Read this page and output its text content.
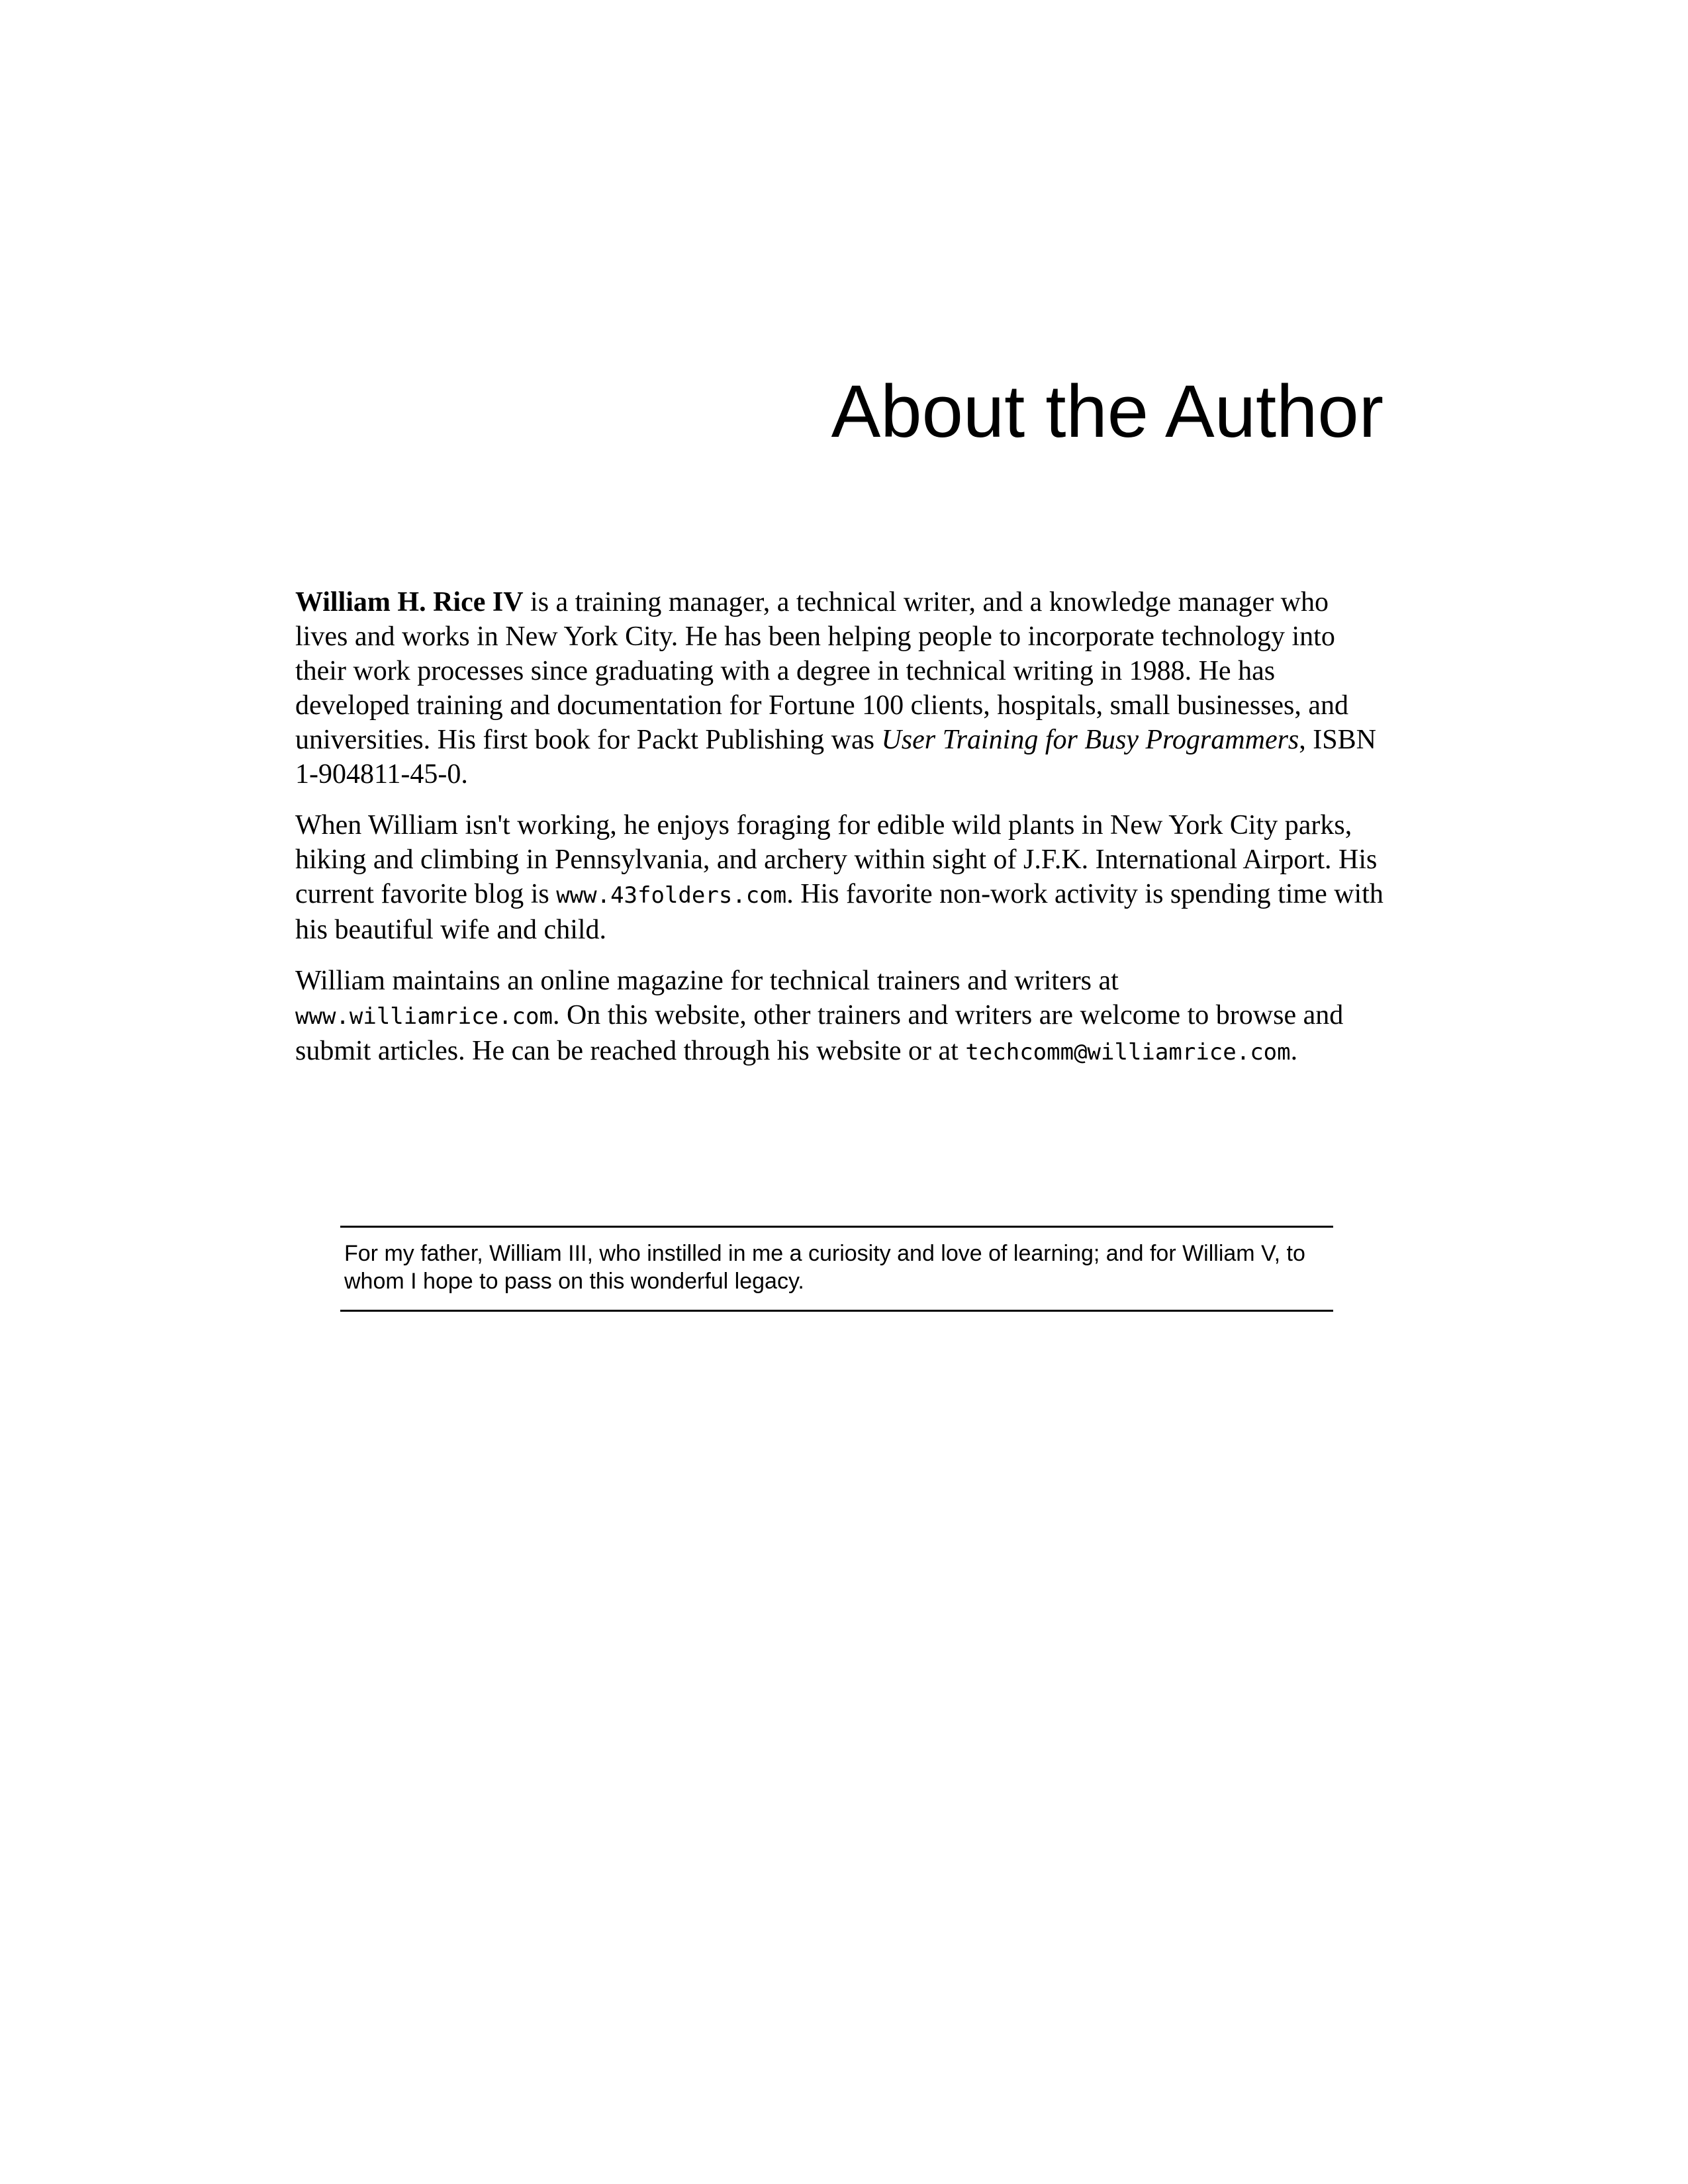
About the Author

William H. Rice IV is a training manager, a technical writer, and a knowledge manager who lives and works in New York City. He has been helping people to incorporate technology into their work processes since graduating with a degree in technical writing in 1988. He has developed training and documentation for Fortune 100 clients, hospitals, small businesses, and universities. His first book for Packt Publishing was User Training for Busy Programmers, ISBN 1-904811-45-0.

When William isn't working, he enjoys foraging for edible wild plants in New York City parks, hiking and climbing in Pennsylvania, and archery within sight of J.F.K. International Airport. His current favorite blog is www.43folders.com. His favorite non-work activity is spending time with his beautiful wife and child.

William maintains an online magazine for technical trainers and writers at www.williamrice.com. On this website, other trainers and writers are welcome to browse and submit articles. He can be reached through his website or at techcomm@williamrice.com.

For my father, William III, who instilled in me a curiosity and love of learning; and for William V, to whom I hope to pass on this wonderful legacy.
